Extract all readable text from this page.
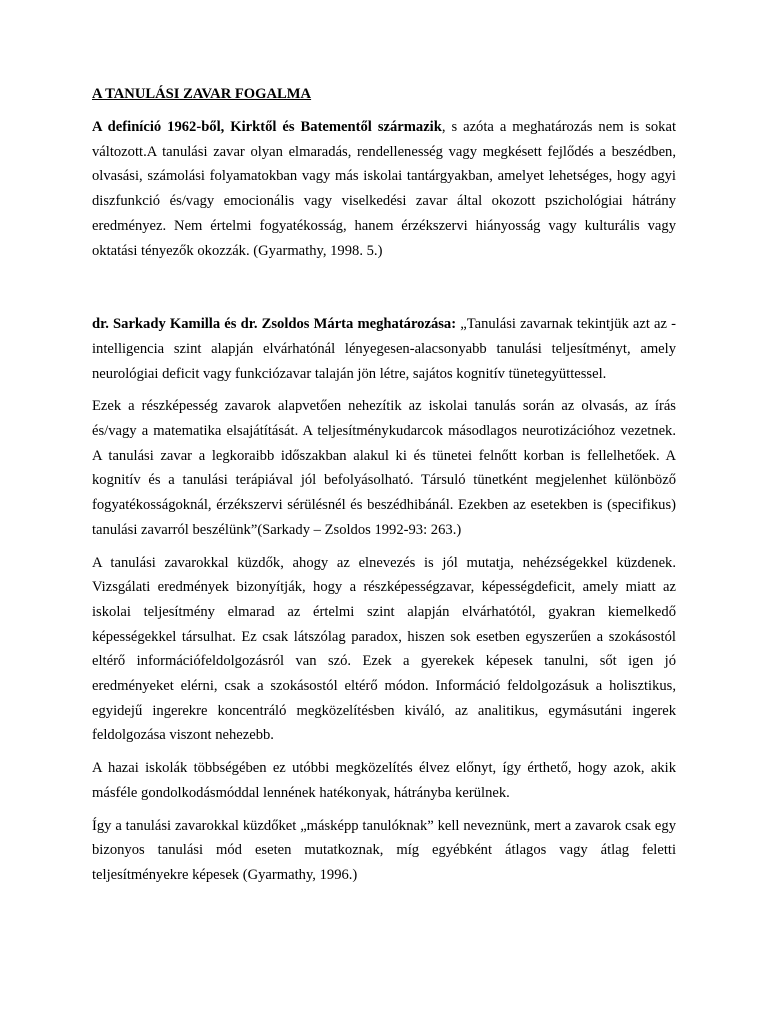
A TANULÁSI ZAVAR FOGALMA

A definíció 1962-ből, Kirktől és Batementől származik, s azóta a meghatározás nem is sokat változott.A tanulási zavar olyan elmaradás, rendellenesség vagy megkésett fejlődés a beszédben, olvasási, számolási folyamatokban vagy más iskolai tantárgyakban, amelyet lehetséges, hogy agyi diszfunkció és/vagy emocionális vagy viselkedési zavar által okozott pszichológiai hátrány eredményez. Nem értelmi fogyatékosság, hanem érzékszervi hiányosság vagy kulturális vagy oktatási tényezők okozzák. (Gyarmathy, 1998. 5.)

dr. Sarkady Kamilla és dr. Zsoldos Márta meghatározása: „Tanulási zavarnak tekintjük azt az -intelligencia szint alapján elvárhatónál lényegesen-alacsonyabb tanulási teljesítményt, amely neurológiai deficit vagy funkciózavar talaján jön létre, sajátos kognitív tünetegyüttessel.

Ezek a részképesség zavarok alapvetően nehezítik az iskolai tanulás során az olvasás, az írás és/vagy a matematika elsajátítását. A teljesítménykudarcok másodlagos neurotizációhoz vezetnek. A tanulási zavar a legkoraibb időszakban alakul ki és tünetei felnőtt korban is fellelhetőek. A kognitív és a tanulási terápiával jól befolyásolható. Társuló tünetként megjelenhet különböző fogyatékosságoknál, érzékszervi sérülésnél és beszédhibánál. Ezekben az esetekben is (specifikus) tanulási zavarról beszélünk”(Sarkady – Zsoldos 1992-93: 263.)

A tanulási zavarokkal küzdők, ahogy az elnevezés is jól mutatja, nehézségekkel küzdenek. Vizsgálati eredmények bizonyítják, hogy a részképességzavar, képességdeficit, amely miatt az iskolai teljesítmény elmarad az értelmi szint alapján elvárhatótól, gyakran kiemelkedő képességekkel társulhat. Ez csak látszólag paradox, hiszen sok esetben egyszerűen a szokásostól eltérő információfeldolgozásról van szó. Ezek a gyerekek képesek tanulni, sőt igen jó eredményeket elérni, csak a szokásostól eltérő módon. Információ feldolgozásuk a holisztikus, egyidejű ingerekre koncentráló megközelítésben kiváló, az analitikus, egymásutáni ingerek feldolgozása viszont nehezebb.

A hazai iskolák többségében ez utóbbi megközelítés élvez előnyt, így érthető, hogy azok, akik másféle gondolkodásmóddal lennének hatékonyak, hátrányba kerülnek.

Így a tanulási zavarokkal küzdőket „másképp tanulóknak” kell neveznünk, mert a zavarok csak egy bizonyos tanulási mód eseten mutatkoznak, míg egyébként átlagos vagy átlag feletti teljesítményekre képesek (Gyarmathy, 1996.)
